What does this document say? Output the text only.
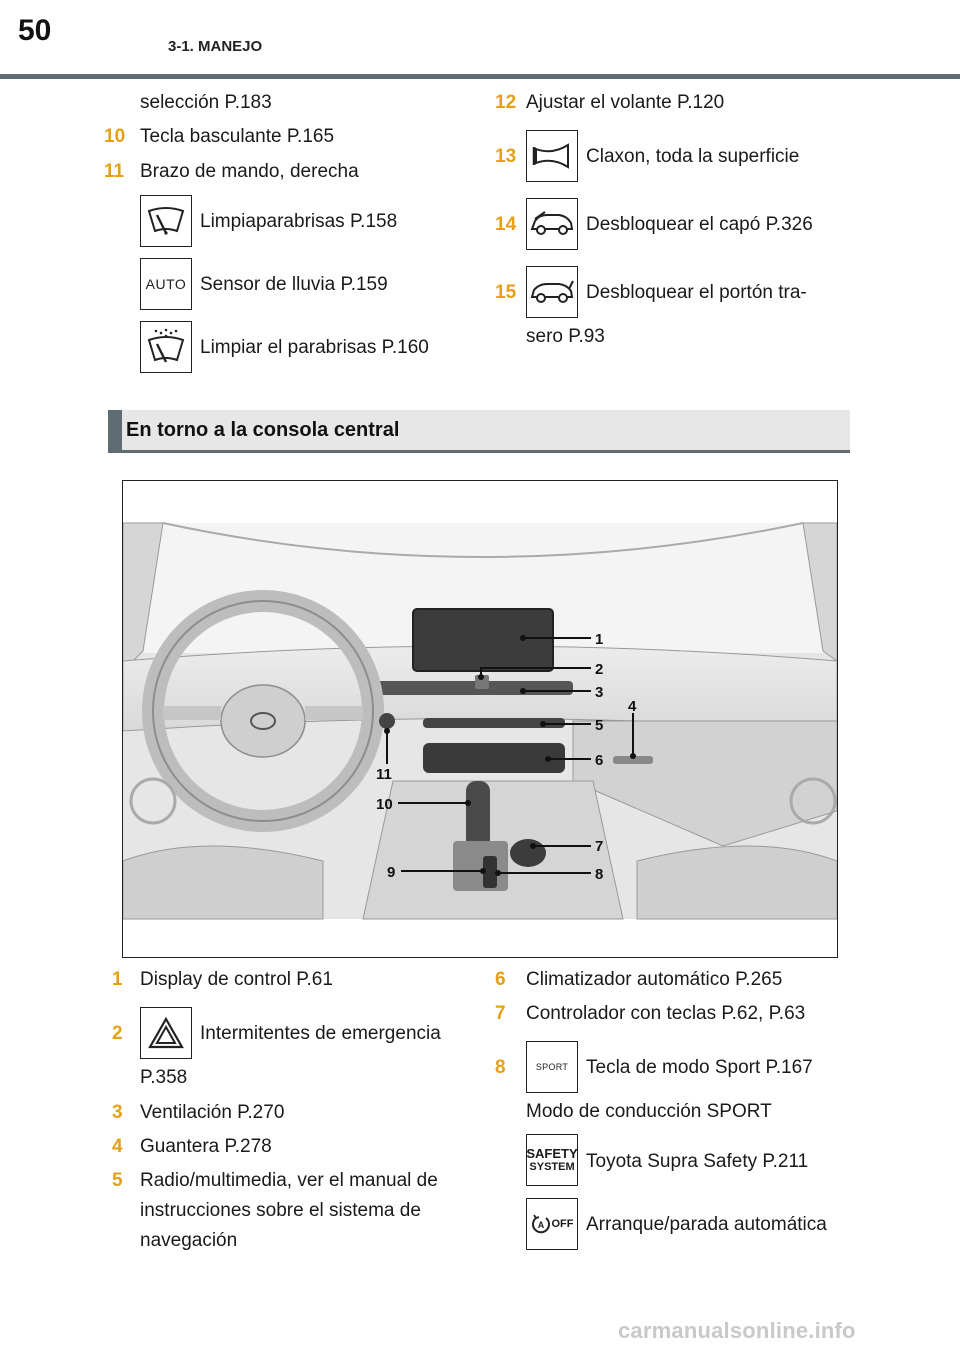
50	3-1. MANEJO
selección P.183
10 Tecla basculante P.165
11 Brazo de mando, derecha
Limpiaparabrisas P.158
AUTO Sensor de lluvia P.159
Limpiar el parabrisas P.160
12 Ajustar el volante P.120
13	Claxon, toda la superficie
14	Desbloquear el capó P.326
15	Desbloquear el portón tra-
sero P.93
En torno a la consola central
1
2
3
4
5
6
7
8
9
10
11
1 Display de control P.61
2	Intermitentes de emergencia
P.358
3 Ventilación P.270
4 Guantera P.278
5 Radio/multimedia, ver el manual de
instrucciones sobre el sistema de
navegación
6 Climatizador automático P.265
7 Controlador con teclas P.62, P.63
8	SPORT Tecla de modo Sport P.167
Modo de conducción SPORT
SAFETY
SYSTEM Toyota Supra Safety P.211
A OFF Arranque/parada automática
carmanualsonline.info
